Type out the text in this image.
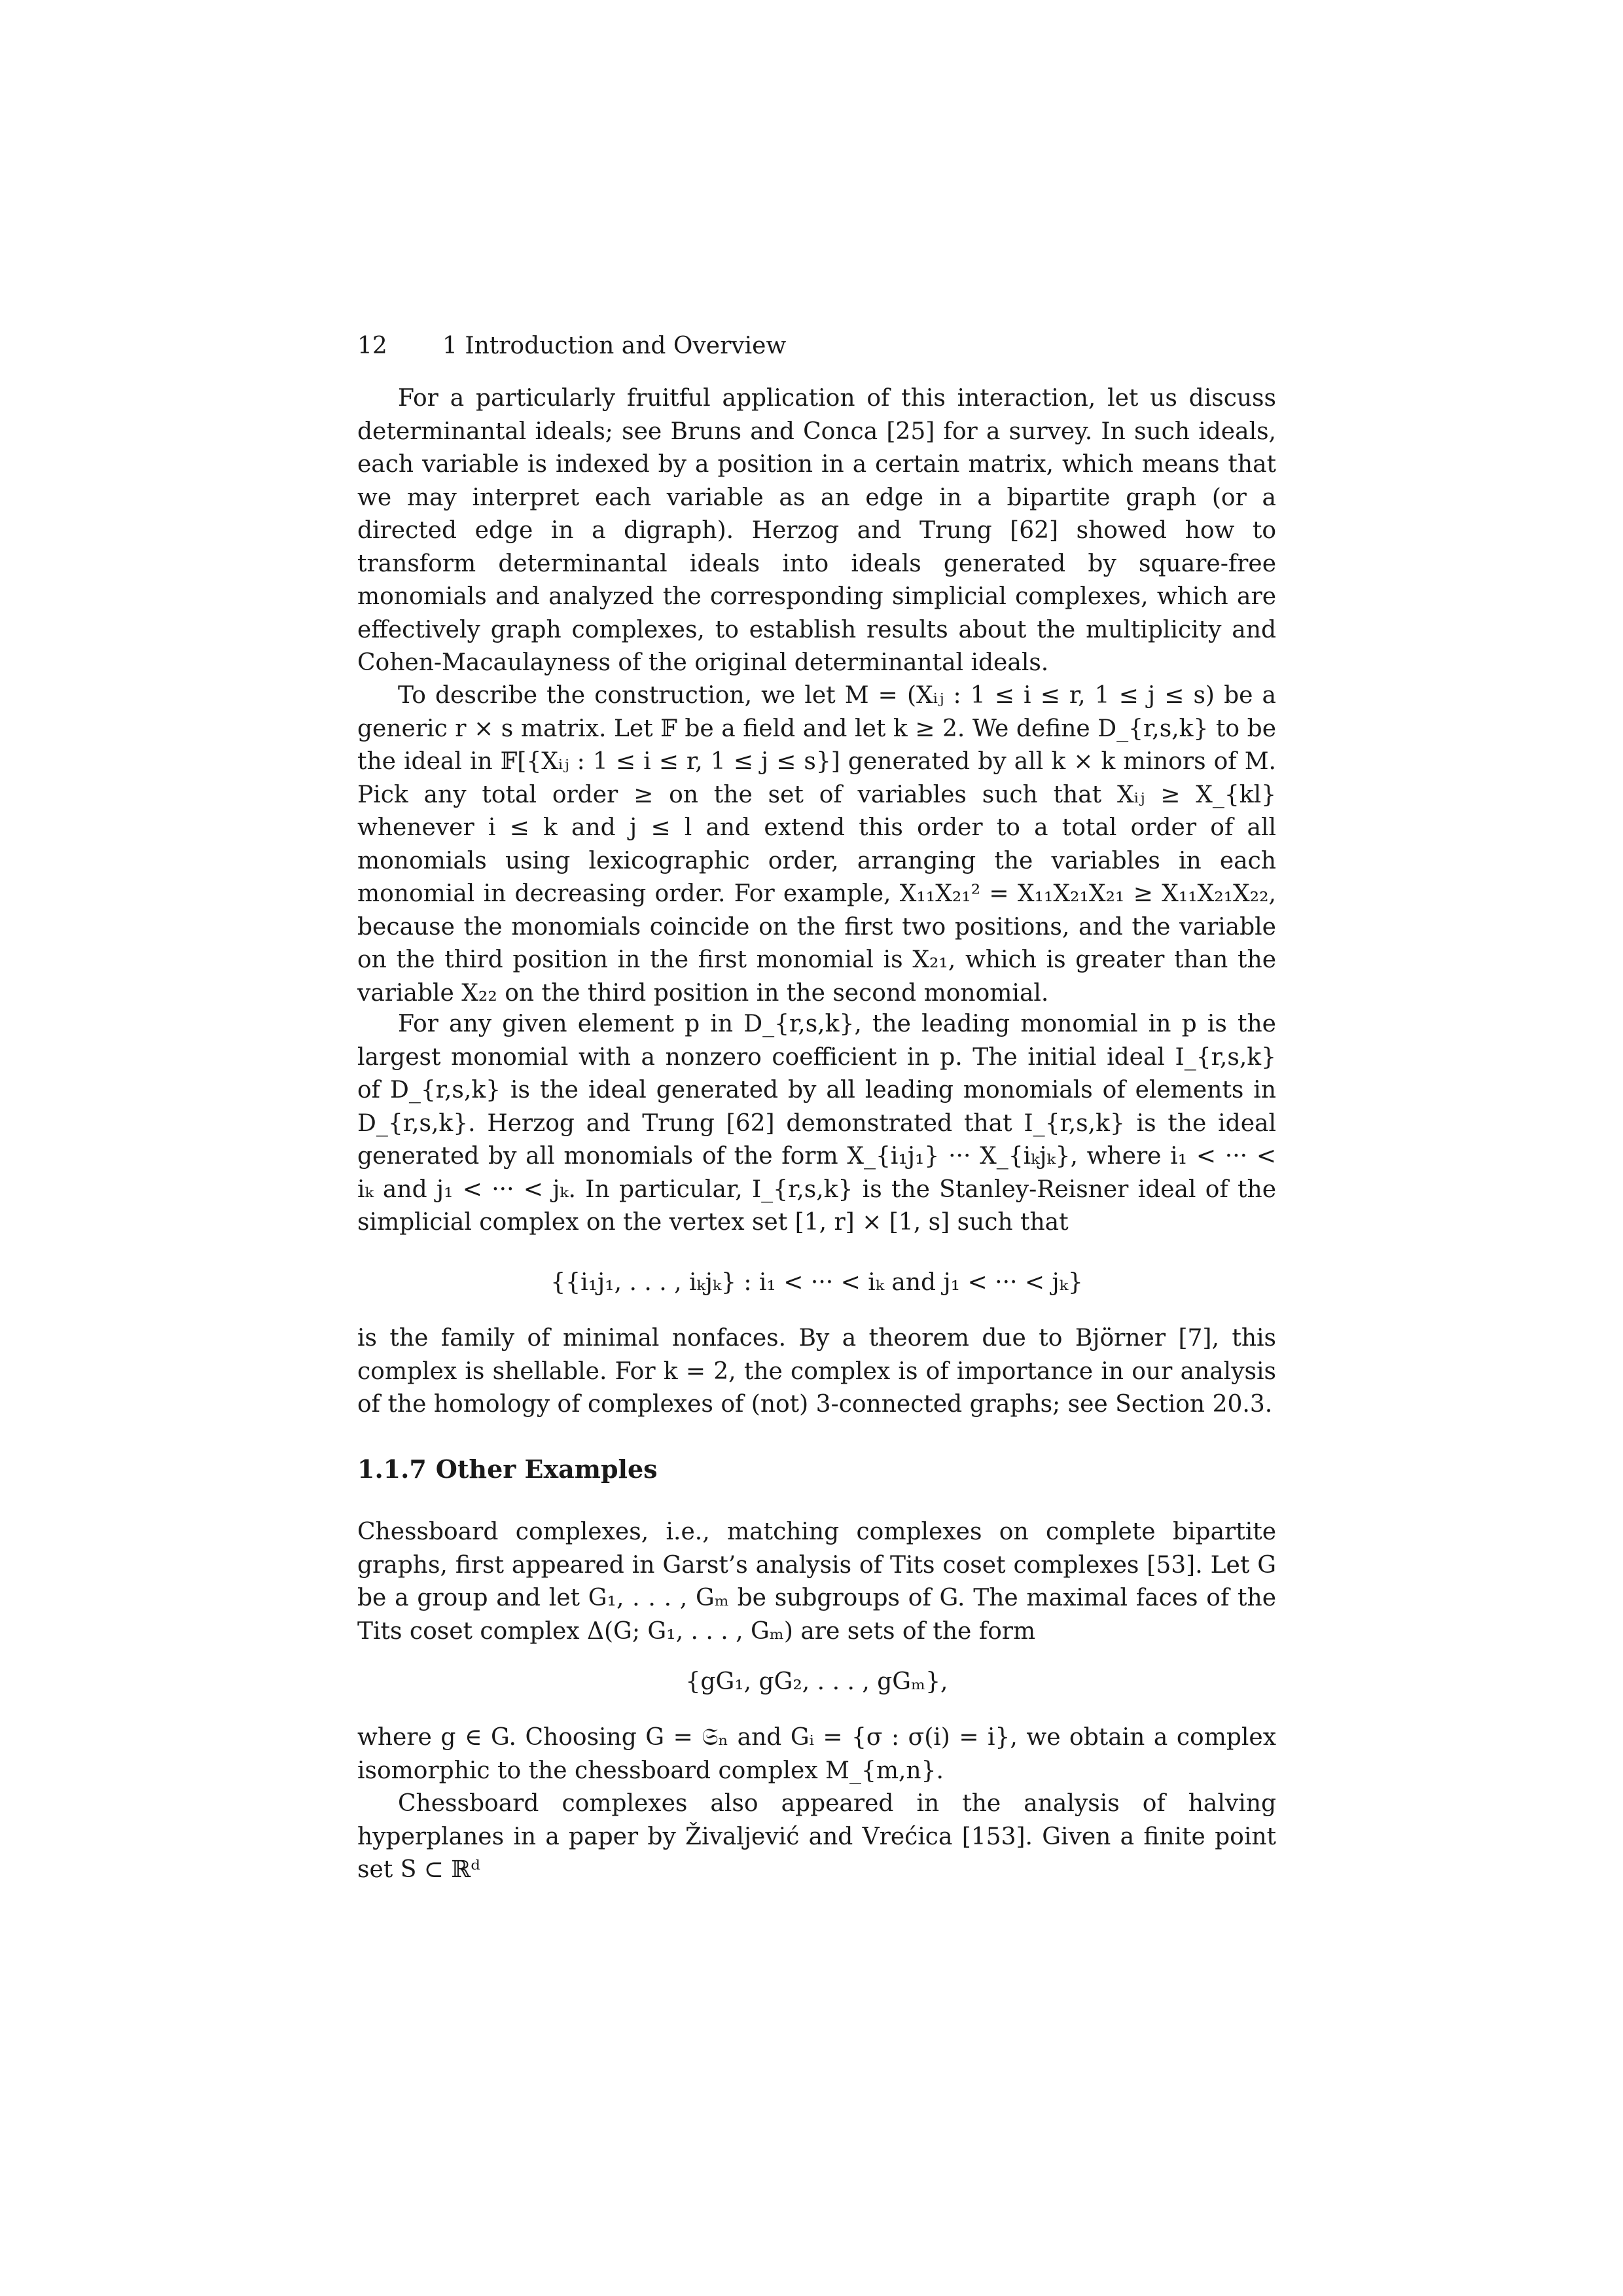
12 1 Introduction and Overview

For a particularly fruitful application of this interaction, let us discuss determinantal ideals; see Bruns and Conca [25] for a survey. In such ideals, each variable is indexed by a position in a certain matrix, which means that we may interpret each variable as an edge in a bipartite graph (or a directed edge in a digraph). Herzog and Trung [62] showed how to transform determinantal ideals into ideals generated by square-free monomials and analyzed the corresponding simplicial complexes, which are effectively graph complexes, to establish results about the multiplicity and Cohen-Macaulayness of the original determinantal ideals.

To describe the construction, we let M = (Xᵢⱼ : 1 ≤ i ≤ r, 1 ≤ j ≤ s) be a generic r × s matrix. Let 𝔽 be a field and let k ≥ 2. We define D_{r,s,k} to be the ideal in 𝔽[{Xᵢⱼ : 1 ≤ i ≤ r, 1 ≤ j ≤ s}] generated by all k × k minors of M. Pick any total order ≥ on the set of variables such that Xᵢⱼ ≥ X_{kl} whenever i ≤ k and j ≤ l and extend this order to a total order of all monomials using lexicographic order, arranging the variables in each monomial in decreasing order. For example, X₁₁X₂₁² = X₁₁X₂₁X₂₁ ≥ X₁₁X₂₁X₂₂, because the monomials coincide on the first two positions, and the variable on the third position in the first monomial is X₂₁, which is greater than the variable X₂₂ on the third position in the second monomial.

For any given element p in D_{r,s,k}, the leading monomial in p is the largest monomial with a nonzero coefficient in p. The initial ideal I_{r,s,k} of D_{r,s,k} is the ideal generated by all leading monomials of elements in D_{r,s,k}. Herzog and Trung [62] demonstrated that I_{r,s,k} is the ideal generated by all monomials of the form X_{i₁j₁} ··· X_{iₖjₖ}, where i₁ < ··· < iₖ and j₁ < ··· < jₖ. In particular, I_{r,s,k} is the Stanley-Reisner ideal of the simplicial complex on the vertex set [1, r] × [1, s] such that

{{i₁j₁, . . . , iₖjₖ} : i₁ < ··· < iₖ and j₁ < ··· < jₖ}

is the family of minimal nonfaces. By a theorem due to Björner [7], this complex is shellable. For k = 2, the complex is of importance in our analysis of the homology of complexes of (not) 3-connected graphs; see Section 20.3.

1.1.7 Other Examples

Chessboard complexes, i.e., matching complexes on complete bipartite graphs, first appeared in Garst’s analysis of Tits coset complexes [53]. Let G be a group and let G₁, . . . , Gₘ be subgroups of G. The maximal faces of the Tits coset complex Δ(G; G₁, . . . , Gₘ) are sets of the form

{gG₁, gG₂, . . . , gGₘ},

where g ∈ G. Choosing G = 𝔖ₙ and Gᵢ = {σ : σ(i) = i}, we obtain a complex isomorphic to the chessboard complex M_{m,n}.

Chessboard complexes also appeared in the analysis of halving hyperplanes in a paper by Živaljević and Vrećica [153]. Given a finite point set S ⊂ ℝᵈ
